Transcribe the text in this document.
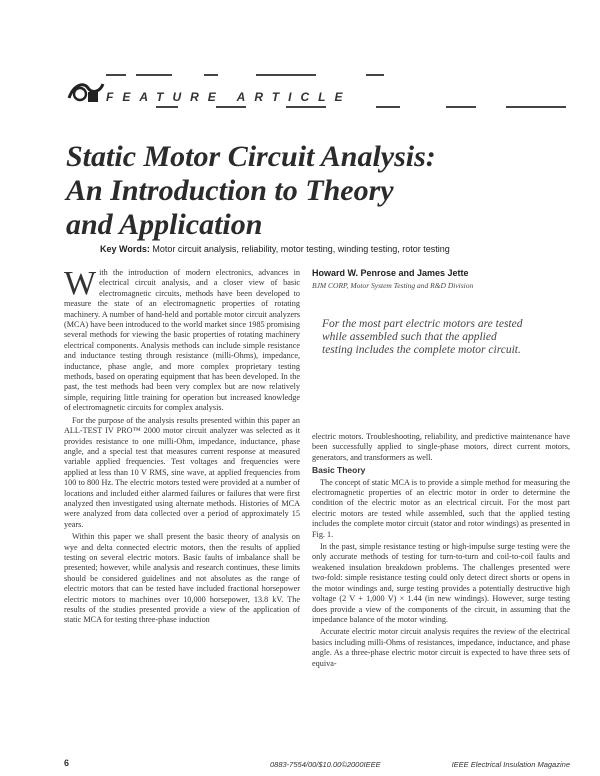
FEATURE ARTICLE
Static Motor Circuit Analysis:
An Introduction to Theory
and Application
Key Words: Motor circuit analysis, reliability, motor testing, winding testing, rotor testing

With the introduction of modern electronics, advances in electrical circuit analysis, and a closer view of basic electromagnetic circuits, methods have been developed to measure the state of an electromagnetic properties of rotating machinery. A number of hand-held and portable motor circuit analyzers (MCA) have been introduced to the world market since 1985 promising several methods for viewing the basic properties of rotating machinery electrical components. Analysis methods can include simple resistance and inductance testing through resistance (milli-Ohms), impedance, inductance, phase angle, and more complex proprietary testing methods, based on operating equipment that has been developed. In the past, the test methods had been very complex but are now relatively simple, requiring little training for operation but increased knowledge of electromagnetic circuits for complex analysis.

For the purpose of the analysis results presented within this paper an ALL-TEST IV PRO™ 2000 motor circuit analyzer was selected as it provides resistance to one milli-Ohm, impedance, inductance, phase angle, and a special test that measures current response at measured variable applied frequencies. Test voltages and frequencies were applied at less than 10 V RMS, sine wave, at applied frequencies from 100 to 800 Hz. The electric motors tested were provided at a number of locations and included either alarmed failures or failures that were first analyzed then investigated using alternate methods. Histories of MCA were analyzed from data collected over a period of approximately 15 years.

Within this paper we shall present the basic theory of analysis on wye and delta connected electric motors, then the results of applied testing on several electric motors. Basic faults of imbalance shall be presented; however, while analysis and research continues, these limits should be considered guidelines and not absolutes as the range of electric motors that can be tested have included fractional horsepower electric motors to machines over 10,000 horsepower, 13.8 kV. The results of the studies presented provide a view of the application of static MCA for testing three-phase induction

Howard W. Penrose and James Jette
BJM CORP, Motor System Testing and R&D Division

For the most part electric motors are tested while assembled such that the applied testing includes the complete motor circuit.

electric motors. Troubleshooting, reliability, and predictive maintenance have been successfully applied to single-phase motors, direct current motors, generators, and transformers as well.

Basic Theory

The concept of static MCA is to provide a simple method for measuring the electromagnetic properties of an electric motor in order to determine the condition of the electric motor as an electrical circuit. For the most part electric motors are tested while assembled, such that the applied testing includes the complete motor circuit (stator and rotor windings) as presented in Fig. 1.

In the past, simple resistance testing or high-impulse surge testing were the only accurate methods of testing for turn-to-turn and coil-to-coil faults and weakened insulation breakdown problems. The challenges presented were two-fold: simple resistance testing could only detect direct shorts or opens in the motor windings and, surge testing provides a potentially destructive high voltage (2 V + 1,000 V) × 1.44 (in new windings). However, surge testing does provide a view of the components of the circuit, in assuming that the impedance balance of the motor winding.

Accurate electric motor circuit analysis requires the review of the electrical basics including milli-Ohms of resistances, impedance, inductance, and phase angle. As a three-phase electric motor circuit is expected to have three sets of equiva-

6	0883-7554/00/$10.00©2000IEEE	IEEE Electrical Insulation Magazine
